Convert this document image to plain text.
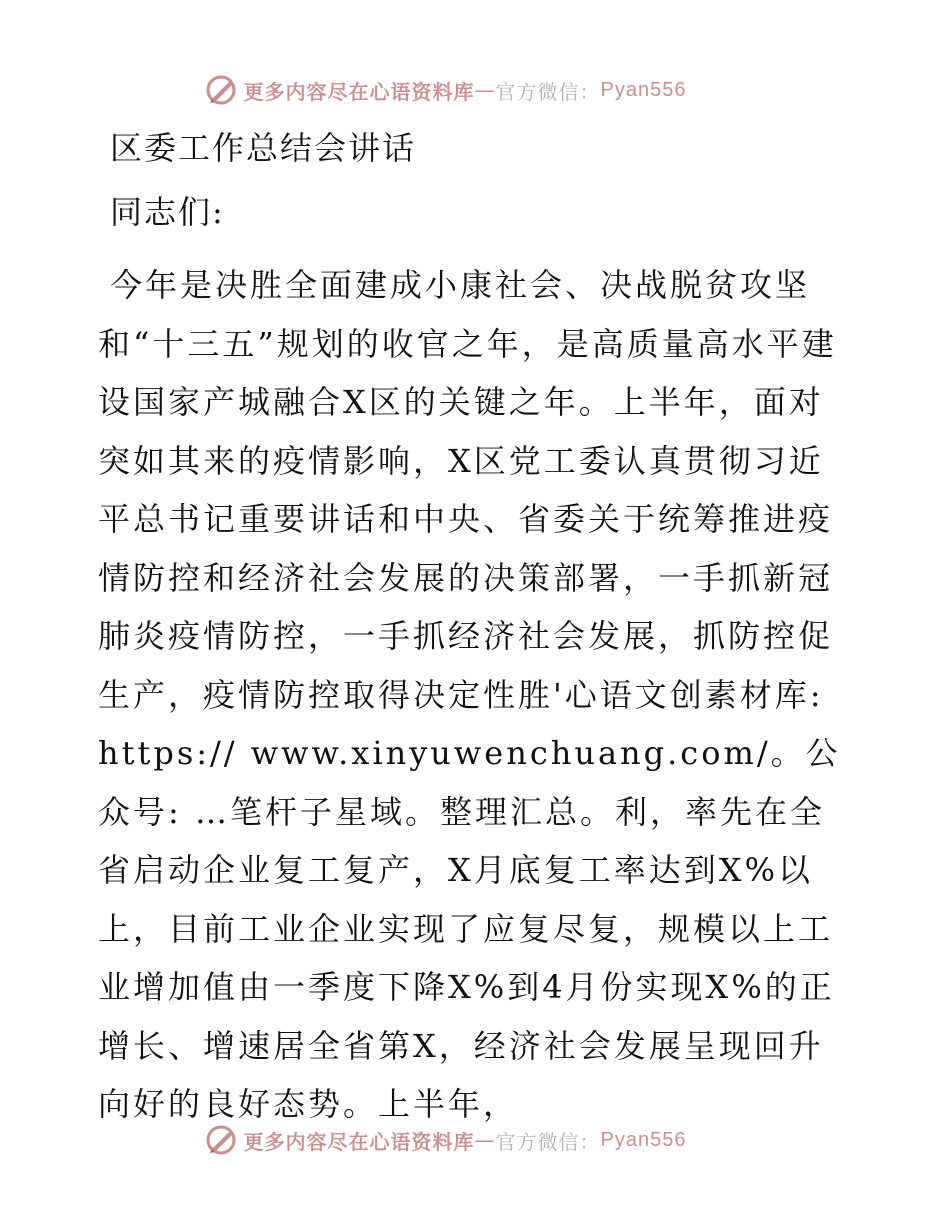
更多内容尽在心语资料库 — 官方微信： Pyan556
区委工作总结会讲话
同志们:

今年是决胜全面建成小康社会、决战脱贫攻坚和“十三五”规划的收官之年，是高质量高水平建设国家产城融合X区的关键之年。上半年，面对突如其来的疫情影响，X区党工委认真贯彻习近平总书记重要讲话和中央、省委关于统筹推进疫情防控和经济社会发展的决策部署，一手抓新冠肺炎疫情防控，一手抓经济社会发展，抓防控促生产，疫情防控取得决定性胜'心语文创素材库: https:// www.xinyuwenchuang.com/。公众号: …笔杆子星域。整理汇总。利，率先在全省启动企业复工复产，X月底复工率达到X%以上，目前工业企业实现了应复尽复，规模以上工业增加值由一季度下降X%到4月份实现X%的正增长、增速居全省第X，经济社会发展呈现回升向好的良好态势。上半年，

更多内容尽在心语资料库 — 官方微信： Pyan556
